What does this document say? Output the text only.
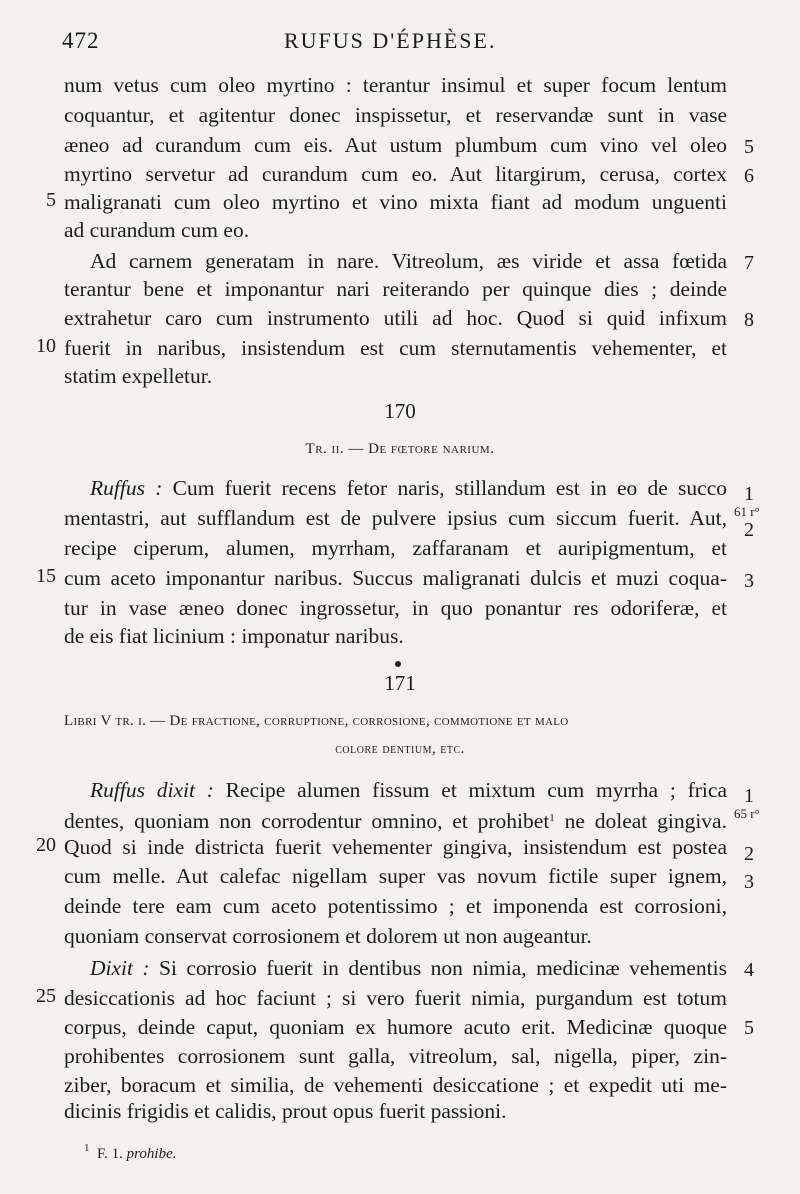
472	RUFUS D'ÉPHÈSE.
num vetus cum oleo myrtino : terantur insimul et super focum lentum
coquantur, et agitentur donec inspissetur, et reservandæ sunt in vase
æneo ad curandum cum eis. Aut ustum plumbum cum vino vel oleo
myrtino servetur ad curandum cum eo. Aut litargirum, cerusa, cortex
maligranati cum oleo myrtino et vino mixta fiant ad modum unguenti
ad curandum cum eo.
Ad carnem generatam in nare. Vitreolum, æs viride et assa fœtida
terantur bene et imponantur nari reiterando per quinque dies ; deinde
extrahetur caro cum instrumento utili ad hoc. Quod si quid infixum
fuerit in naribus, insistendum est cum sternutamentis vehementer, et
statim expelletur.
170
Tr. ii. — De fœtore narium.
Ruffus : Cum fuerit recens fetor naris, stillandum est in eo de succo
mentastri, aut sufflandum est de pulvere ipsius cum siccum fuerit. Aut,
recipe ciperum, alumen, myrrham, zaffaranam et auripigmentum, et
cum aceto imponantur naribus. Succus maligranati dulcis et muzi coqua-
tur in vase æneo donec ingrossetur, in quo ponantur res odoriferæ, et
de eis fiat licinium : imponatur naribus.
171
Libri V tr. i. — De fractione, corruptione, corrosione, commotione et malo
colore dentium, etc.
Ruffus dixit : Recipe alumen fissum et mixtum cum myrrha ; frica
dentes, quoniam non corrodentur omnino, et prohibet$^1$ ne doleat gingiva.
Quod si inde districta fuerit vehementer gingiva, insistendum est postea
cum melle. Aut calefac nigellam super vas novum fictile super ignem,
deinde tere eam cum aceto potentissimo ; et imponenda est corrosioni,
quoniam conservat corrosionem et dolorem ut non augeantur.
Dixit : Si corrosio fuerit in dentibus non nimia, medicinæ vehementis
desiccationis ad hoc faciunt ; si vero fuerit nimia, purgandum est totum
corpus, deinde caput, quoniam ex humore acuto erit. Medicinæ quoque
prohibentes corrosionem sunt galla, vitreolum, sal, nigella, piper, zin-
ziber, boracum et similia, de vehementi desiccatione ; et expedit uti me-
dicinis frigidis et calidis, prout opus fuerit passioni.
5
10
15
20
25
5
6
7
8
1
2
3
1
2
3
4
5
61 r°
65 r°
$^1$ F. 1. prohibe.
